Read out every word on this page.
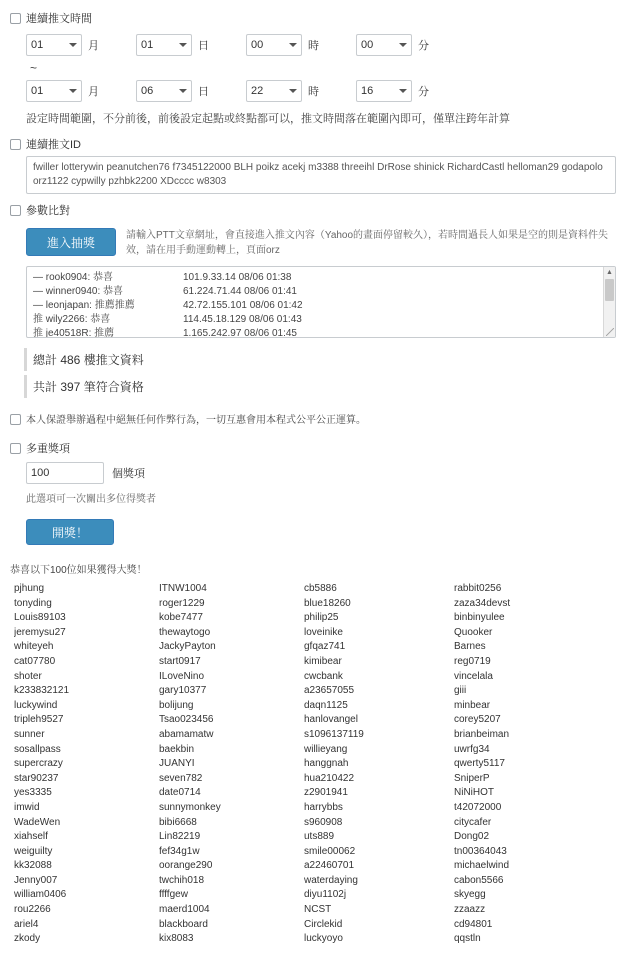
連續推文時間
01	月	01	日	00	時	00	分
~
01	月	06	日	22	時	16	分
設定時間範圍，不分前後，前後設定起點或終點都可以，推文時間落在範圍內即可，僅單注跨年計算
連續推文ID
fwiller lotterywin peanutchen76 f7345122000 BLH poikz acekj m3388 threeihl DrRose shinick RichardCastl helloman29 godapolo orz1122 cypwilly pzhbk2200 XDcccc w8303
參數比對
進入抽獎	請輸入PTT文章網址，會直接進入推文內容（Yahoo的畫面停留較久），若時間過長人如果是空的則是資料件失效，請在用手動運動轉上，頁面orz
— rook0904: 恭喜	101.9.33.14 08/06 01:38
— winner0940: 恭喜	61.224.71.44 08/06 01:41
— leonjapan: 推薦推薦	42.72.155.101 08/06 01:42
推 wily2266: 恭喜	114.45.18.129 08/06 01:43
推 je40518R: 推薦	1.165.242.97 08/06 01:45
▲
總計 486 樓推文資料
共計 397 筆符合資格
本人保證舉辦過程中絕無任何作弊行為，一切互惠會用本程式公平公正運算。
多重獎項
100	個獎項
此選項可一次關出多位得獎者
開獎！
恭喜以下100位如果獲得大獎！
pjhung	ITNW1004	cb5886	rabbit0256
tonyding	roger1229	blue18260	zaza34devst
Louis89103	kobe7477	philip25	binbinyulee
jeremysu27	thewaytogo	loveinike	Quooker
whiteyeh	JackyPayton	gfqaz741	Barnes
cat07780	start0917	kimibear	reg0719
shoter	ILoveNino	cwcbank	vincelala
k233832121	gary10377	a23657055	giii
luckywind	bolijung	daqn1125	minbear
tripleh9527	Tsao023456	hanlovangel	corey5207
sunner	abamamatw	s1096137119	brianbeiman
sosallpass	baekbin	willieyang	uwrfg34
supercrazy	JUANYI	hanggnah	qwerty5117
star90237	seven782	hua210422	SniperP
yes3335	date0714	z2901941	NiNiHOT
imwid	sunnymonkey	harrybbs	t42072000
WadeWen	bibi6668	s960908	citycafer
xiahself	Lin82219	uts889	Dong02
weiguilty	fef34g1w	smile00062	tn00364043
kk32088	oorange290	a22460701	michaelwind
Jenny007	twchih018	waterdaying	cabon5566
william0406	ffffgew	diyu1102j	skyegg
rou2266	maerd1004	NCST	zzaazz
ariel4	blackboard	Circlekid	cd94801
zkody	kix8083	luckyoyo	qqstln
